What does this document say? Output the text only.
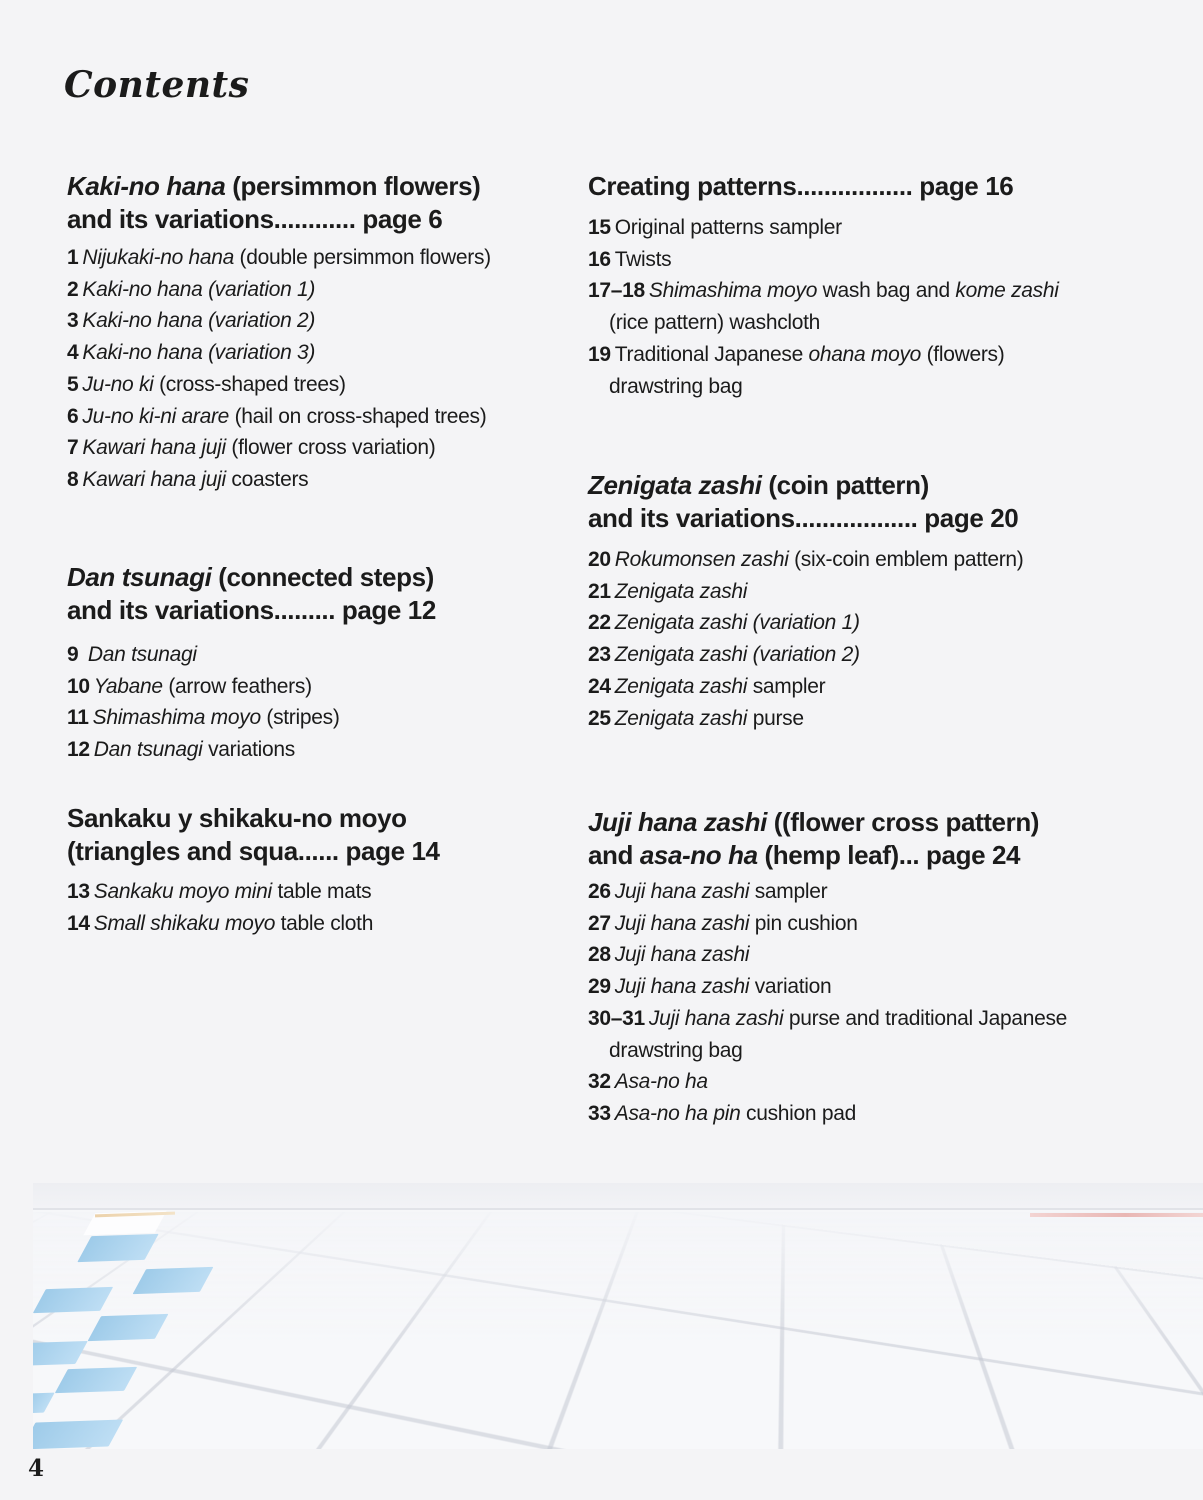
Contents
Kaki-no hana (persimmon flowers)
and its variations............ page 6
1 Nijukaki-no hana (double persimmon flowers)
2 Kaki-no hana (variation 1)
3 Kaki-no hana (variation 2)
4 Kaki-no hana (variation 3)
5 Ju-no ki (cross-shaped trees)
6 Ju-no ki-ni arare (hail on cross-shaped trees)
7 Kawari hana juji (flower cross variation)
8 Kawari hana juji coasters
Dan tsunagi (connected steps)
and its variations......... page 12
9 Dan tsunagi
10 Yabane (arrow feathers)
11 Shimashima moyo (stripes)
12 Dan tsunagi variations
Sankaku y shikaku-no moyo
(triangles and squa...... page 14
13 Sankaku moyo mini table mats
14 Small shikaku moyo table cloth
Creating patterns................. page 16
15 Original patterns sampler
16 Twists
17–18 Shimashima moyo wash bag and kome zashi
(rice pattern) washcloth
19 Traditional Japanese ohana moyo (flowers)
drawstring bag
Zenigata zashi (coin pattern)
and its variations.................. page 20
20 Rokumonsen zashi (six-coin emblem pattern)
21 Zenigata zashi
22 Zenigata zashi (variation 1)
23 Zenigata zashi (variation 2)
24 Zenigata zashi sampler
25 Zenigata zashi purse
Juji hana zashi ((flower cross pattern)
and asa-no ha (hemp leaf)... page 24
26 Juji hana zashi sampler
27 Juji hana zashi pin cushion
28 Juji hana zashi
29 Juji hana zashi variation
30–31 Juji hana zashi purse and traditional Japanese
drawstring bag
32 Asa-no ha
33 Asa-no ha pin cushion pad
4
